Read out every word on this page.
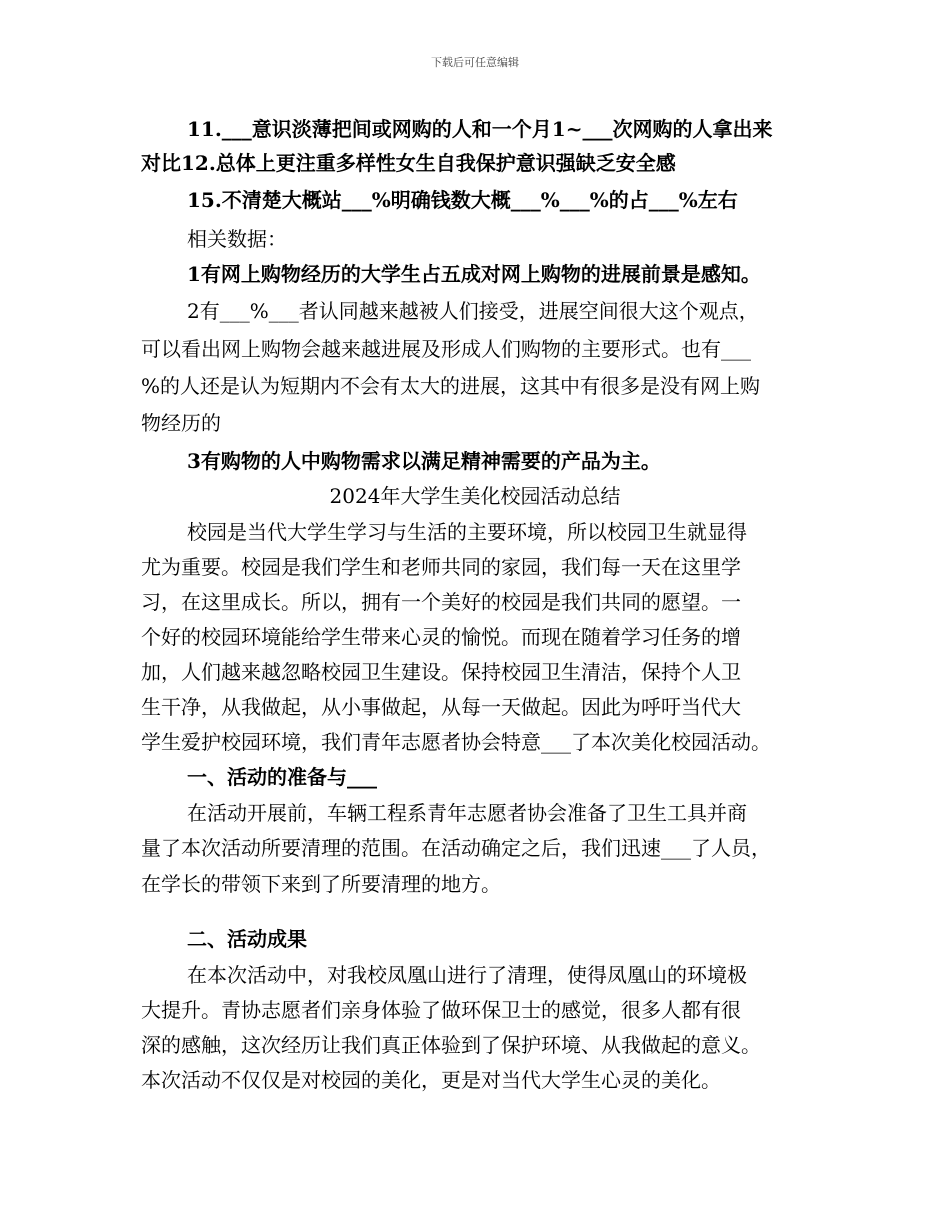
下载后可任意编辑
11.___意识淡薄把间或网购的人和一个月1~___次网购的人拿出来
对比12.总体上更注重多样性女生自我保护意识强缺乏安全感
15.不清楚大概站___%明确钱数大概___%___%的占___%左右
相关数据：
1有网上购物经历的大学生占五成对网上购物的进展前景是感知。
2有___%___者认同越来越被人们接受，进展空间很大这个观点，
可以看出网上购物会越来越进展及形成人们购物的主要形式。也有___
%的人还是认为短期内不会有太大的进展，这其中有很多是没有网上购
物经历的
3有购物的人中购物需求以满足精神需要的产品为主。
2024年大学生美化校园活动总结
校园是当代大学生学习与生活的主要环境，所以校园卫生就显得
尤为重要。校园是我们学生和老师共同的家园，我们每一天在这里学
习，在这里成长。所以，拥有一个美好的校园是我们共同的愿望。一
个好的校园环境能给学生带来心灵的愉悦。而现在随着学习任务的增
加，人们越来越忽略校园卫生建设。保持校园卫生清洁，保持个人卫
生干净，从我做起，从小事做起，从每一天做起。因此为呼吁当代大
学生爱护校园环境，我们青年志愿者协会特意___了本次美化校园活动。
一、活动的准备与___
在活动开展前，车辆工程系青年志愿者协会准备了卫生工具并商
量了本次活动所要清理的范围。在活动确定之后，我们迅速___了人员，
在学长的带领下来到了所要清理的地方。
二、活动成果
在本次活动中，对我校凤凰山进行了清理，使得凤凰山的环境极
大提升。青协志愿者们亲身体验了做环保卫士的感觉，很多人都有很
深的感触，这次经历让我们真正体验到了保护环境、从我做起的意义。
本次活动不仅仅是对校园的美化，更是对当代大学生心灵的美化。
